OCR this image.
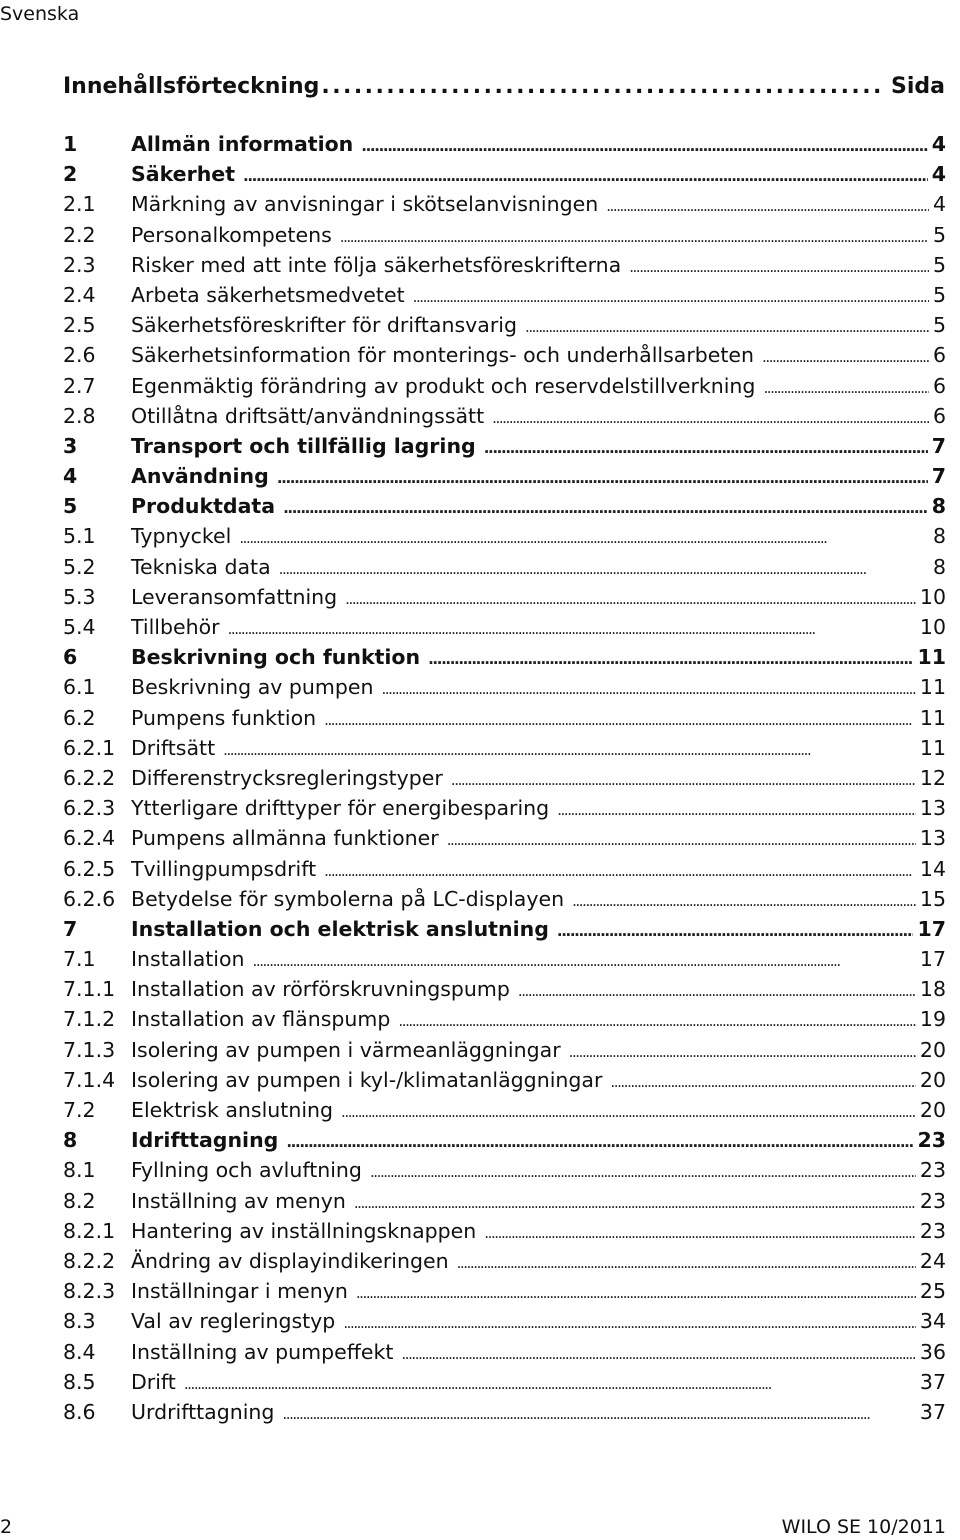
Svenska
Innehållsförteckning . . .	Sida
1	Allmän information . . .	4
2	Säkerhet . . .	4
2.1	Märkning av anvisningar i skötselanvisningen . . .	4
2.2	Personalkompetens . . .	5
2.3	Risker med att inte följa säkerhetsföreskrifterna . . .	5
2.4	Arbeta säkerhetsmedvetet . . .	5
2.5	Säkerhetsföreskrifter för driftansvarig . . .	5
2.6	Säkerhetsinformation för monterings- och underhållsarbeten . . .	6
2.7	Egenmäktig förändring av produkt och reservdelstillverkning . . .	6
2.8	Otillåtna driftsätt/användningssätt . . .	6
3	Transport och tillfällig lagring . . .	7
4	Användning . . .	7
5	Produktdata . . .	8
5.1	Typnyckel . . .	8
5.2	Tekniska data . . .	8
5.3	Leveransomfattning . . .	10
5.4	Tillbehör . . .	10
6	Beskrivning och funktion . . .	11
6.1	Beskrivning av pumpen . . .	11
6.2	Pumpens funktion . . .	11
6.2.1 Driftsätt . . .	11
6.2.2 Differenstrycksregleringstyper . . .	12
6.2.3 Ytterligare drifttyper för energibesparing . . .	13
6.2.4 Pumpens allmänna funktioner . . .	13
6.2.5 Tvillingpumpsdrift . . .	14
6.2.6 Betydelse för symbolerna på LC-displayen . . .	15
7	Installation och elektrisk anslutning . . .	17
7.1	Installation . . .	17
7.1.1 Installation av rörförskruvningspump . . .	18
7.1.2 Installation av flänspump . . .	19
7.1.3 Isolering av pumpen i värmeanläggningar . . .	20
7.1.4 Isolering av pumpen i kyl-/klimatanläggningar . . .	20
7.2	Elektrisk anslutning . . .	20
8	Idrifttagning . . .	23
8.1	Fyllning och avluftning . . .	23
8.2	Inställning av menyn . . .	23
8.2.1 Hantering av inställningsknappen . . .	23
8.2.2 Ändring av displayindikeringen . . .	24
8.2.3 Inställningar i menyn . . .	25
8.3	Val av regleringstyp . . .	34
8.4	Inställning av pumpeffekt . . .	36
8.5	Drift . . .	37
8.6	Urdrifttagning . . .	37
2	WILO SE 10/2011
